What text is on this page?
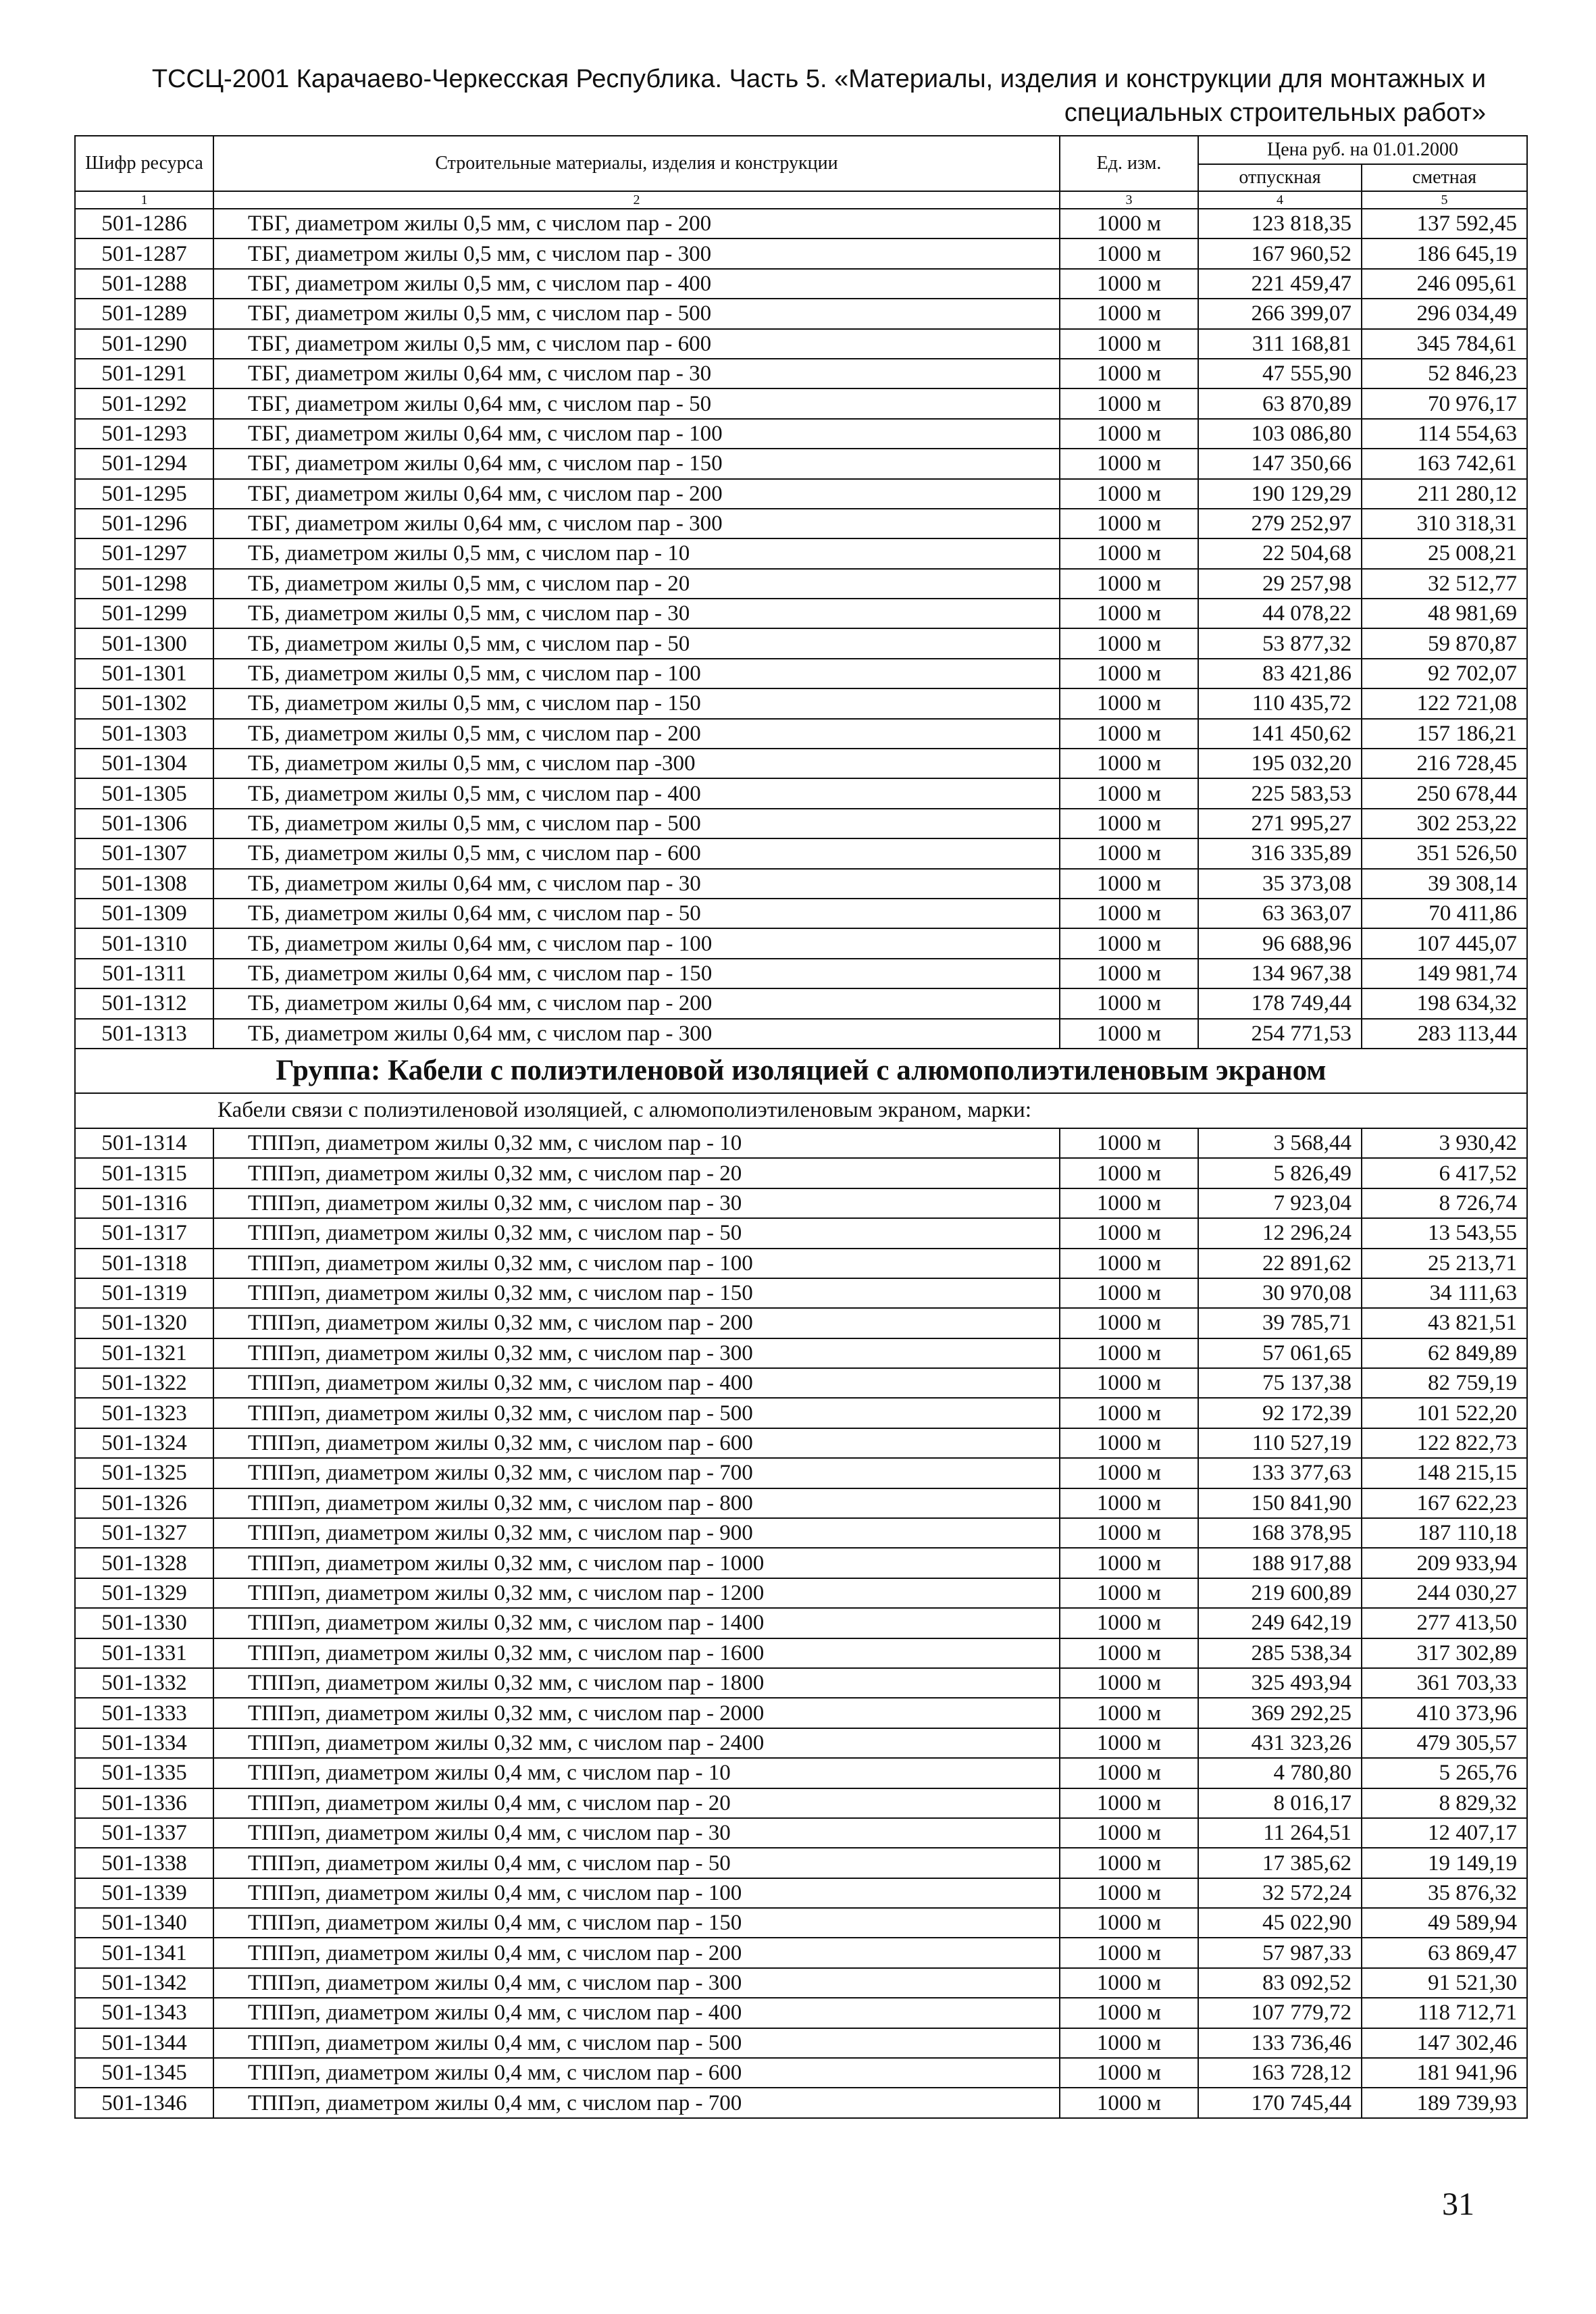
ТССЦ-2001 Карачаево-Черкесская Республика. Часть 5. «Материалы, изделия и конструкции для монтажных и
специальных строительных работ»
Шифр ресурса	Строительные материалы, изделия и конструкции	Ед. изм.	Цена руб. на 01.01.2000	
			отпускная	сметная
1	2	3	4	5
501-1286	ТБГ, диаметром жилы 0,5 мм, с числом пар - 200	1000 м	123 818,35	137 592,45
501-1287	ТБГ, диаметром жилы 0,5 мм, с числом пар - 300	1000 м	167 960,52	186 645,19
501-1288	ТБГ, диаметром жилы 0,5 мм, с числом пар - 400	1000 м	221 459,47	246 095,61
501-1289	ТБГ, диаметром жилы 0,5 мм, с числом пар - 500	1000 м	266 399,07	296 034,49
501-1290	ТБГ, диаметром жилы 0,5 мм, с числом пар - 600	1000 м	311 168,81	345 784,61
501-1291	ТБГ, диаметром жилы 0,64 мм, с числом пар - 30	1000 м	47 555,90	52 846,23
501-1292	ТБГ, диаметром жилы 0,64 мм, с числом пар - 50	1000 м	63 870,89	70 976,17
501-1293	ТБГ, диаметром жилы 0,64 мм, с числом пар - 100	1000 м	103 086,80	114 554,63
501-1294	ТБГ, диаметром жилы 0,64 мм, с числом пар - 150	1000 м	147 350,66	163 742,61
501-1295	ТБГ, диаметром жилы 0,64 мм, с числом пар - 200	1000 м	190 129,29	211 280,12
501-1296	ТБГ, диаметром жилы 0,64 мм, с числом пар - 300	1000 м	279 252,97	310 318,31
501-1297	ТБ, диаметром жилы 0,5 мм, с числом пар - 10	1000 м	22 504,68	25 008,21
501-1298	ТБ, диаметром жилы 0,5 мм, с числом пар - 20	1000 м	29 257,98	32 512,77
501-1299	ТБ, диаметром жилы 0,5 мм, с числом пар - 30	1000 м	44 078,22	48 981,69
501-1300	ТБ, диаметром жилы 0,5 мм, с числом пар - 50	1000 м	53 877,32	59 870,87
501-1301	ТБ, диаметром жилы 0,5 мм, с числом пар - 100	1000 м	83 421,86	92 702,07
501-1302	ТБ, диаметром жилы 0,5 мм, с числом пар - 150	1000 м	110 435,72	122 721,08
501-1303	ТБ, диаметром жилы 0,5 мм, с числом пар - 200	1000 м	141 450,62	157 186,21
501-1304	ТБ, диаметром жилы 0,5 мм, с числом пар -300	1000 м	195 032,20	216 728,45
501-1305	ТБ, диаметром жилы 0,5 мм, с числом пар - 400	1000 м	225 583,53	250 678,44
501-1306	ТБ, диаметром жилы 0,5 мм, с числом пар - 500	1000 м	271 995,27	302 253,22
501-1307	ТБ, диаметром жилы 0,5 мм, с числом пар - 600	1000 м	316 335,89	351 526,50
501-1308	ТБ, диаметром жилы 0,64 мм, с числом пар - 30	1000 м	35 373,08	39 308,14
501-1309	ТБ, диаметром жилы 0,64 мм, с числом пар - 50	1000 м	63 363,07	70 411,86
501-1310	ТБ, диаметром жилы 0,64 мм, с числом пар - 100	1000 м	96 688,96	107 445,07
501-1311	ТБ, диаметром жилы 0,64 мм, с числом пар - 150	1000 м	134 967,38	149 981,74
501-1312	ТБ, диаметром жилы 0,64 мм, с числом пар - 200	1000 м	178 749,44	198 634,32
501-1313	ТБ, диаметром жилы 0,64 мм, с числом пар - 300	1000 м	254 771,53	283 113,44
Группа: Кабели с полиэтиленовой изоляцией с алюмополиэтиленовым экраном				
Кабели связи с полиэтиленовой изоляцией, с алюмополиэтиленовым экраном, марки:				
501-1314	ТППэп, диаметром жилы 0,32 мм, с числом пар - 10	1000 м	3 568,44	3 930,42
501-1315	ТППэп, диаметром жилы 0,32 мм, с числом пар - 20	1000 м	5 826,49	6 417,52
501-1316	ТППэп, диаметром жилы 0,32 мм, с числом пар - 30	1000 м	7 923,04	8 726,74
501-1317	ТППэп, диаметром жилы 0,32 мм, с числом пар - 50	1000 м	12 296,24	13 543,55
501-1318	ТППэп, диаметром жилы 0,32 мм, с числом пар - 100	1000 м	22 891,62	25 213,71
501-1319	ТППэп, диаметром жилы 0,32 мм, с числом пар - 150	1000 м	30 970,08	34 111,63
501-1320	ТППэп, диаметром жилы 0,32 мм, с числом пар - 200	1000 м	39 785,71	43 821,51
501-1321	ТППэп, диаметром жилы 0,32 мм, с числом пар - 300	1000 м	57 061,65	62 849,89
501-1322	ТППэп, диаметром жилы 0,32 мм, с числом пар - 400	1000 м	75 137,38	82 759,19
501-1323	ТППэп, диаметром жилы 0,32 мм, с числом пар - 500	1000 м	92 172,39	101 522,20
501-1324	ТППэп, диаметром жилы 0,32 мм, с числом пар - 600	1000 м	110 527,19	122 822,73
501-1325	ТППэп, диаметром жилы 0,32 мм, с числом пар - 700	1000 м	133 377,63	148 215,15
501-1326	ТППэп, диаметром жилы 0,32 мм, с числом пар - 800	1000 м	150 841,90	167 622,23
501-1327	ТППэп, диаметром жилы 0,32 мм, с числом пар - 900	1000 м	168 378,95	187 110,18
501-1328	ТППэп, диаметром жилы 0,32 мм, с числом пар - 1000	1000 м	188 917,88	209 933,94
501-1329	ТППэп, диаметром жилы 0,32 мм, с числом пар - 1200	1000 м	219 600,89	244 030,27
501-1330	ТППэп, диаметром жилы 0,32 мм, с числом пар - 1400	1000 м	249 642,19	277 413,50
501-1331	ТППэп, диаметром жилы 0,32 мм, с числом пар - 1600	1000 м	285 538,34	317 302,89
501-1332	ТППэп, диаметром жилы 0,32 мм, с числом пар - 1800	1000 м	325 493,94	361 703,33
501-1333	ТППэп, диаметром жилы 0,32 мм, с числом пар - 2000	1000 м	369 292,25	410 373,96
501-1334	ТППэп, диаметром жилы 0,32 мм, с числом пар - 2400	1000 м	431 323,26	479 305,57
501-1335	ТППэп, диаметром жилы 0,4 мм, с числом пар - 10	1000 м	4 780,80	5 265,76
501-1336	ТППэп, диаметром жилы 0,4 мм, с числом пар - 20	1000 м	8 016,17	8 829,32
501-1337	ТППэп, диаметром жилы 0,4 мм, с числом пар - 30	1000 м	11 264,51	12 407,17
501-1338	ТППэп, диаметром жилы 0,4 мм, с числом пар - 50	1000 м	17 385,62	19 149,19
501-1339	ТППэп, диаметром жилы 0,4 мм, с числом пар - 100	1000 м	32 572,24	35 876,32
501-1340	ТППэп, диаметром жилы 0,4 мм, с числом пар - 150	1000 м	45 022,90	49 589,94
501-1341	ТППэп, диаметром жилы 0,4 мм, с числом пар - 200	1000 м	57 987,33	63 869,47
501-1342	ТППэп, диаметром жилы 0,4 мм, с числом пар - 300	1000 м	83 092,52	91 521,30
501-1343	ТППэп, диаметром жилы 0,4 мм, с числом пар - 400	1000 м	107 779,72	118 712,71
501-1344	ТППэп, диаметром жилы 0,4 мм, с числом пар - 500	1000 м	133 736,46	147 302,46
501-1345	ТППэп, диаметром жилы 0,4 мм, с числом пар - 600	1000 м	163 728,12	181 941,96
501-1346	ТППэп, диаметром жилы 0,4 мм, с числом пар - 700	1000 м	170 745,44	189 739,93
31
